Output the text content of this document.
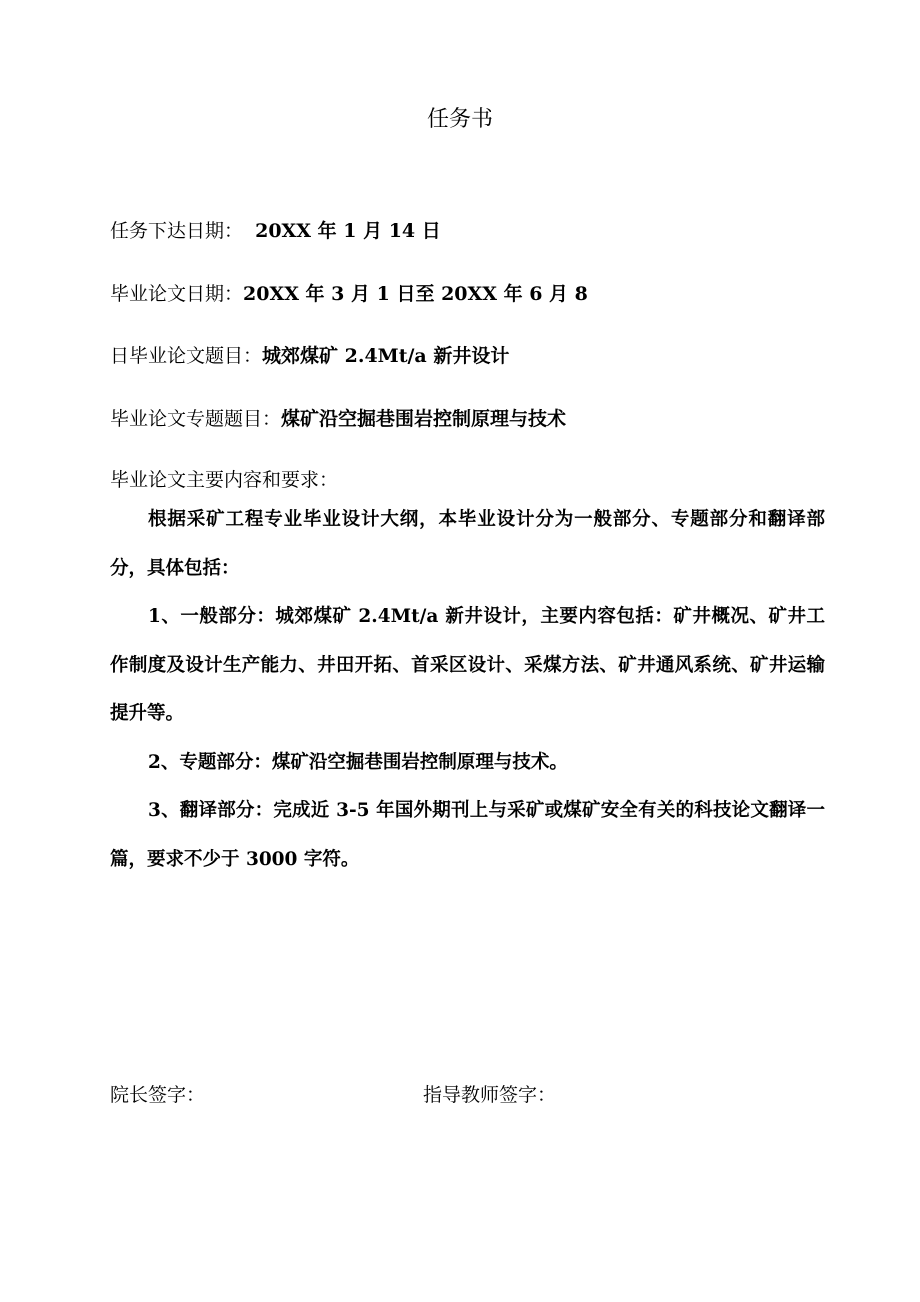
任务书
任务下达日期： 20XX 年 1 月 14 日
毕业论文日期：20XX 年 3 月 1 日至 20XX 年 6 月 8
日毕业论文题目：城郊煤矿 2.4Mt/a 新井设计
毕业论文专题题目：煤矿沿空掘巷围岩控制原理与技术
毕业论文主要内容和要求：
根据采矿工程专业毕业设计大纲，本毕业设计分为一般部分、专题部分和翻译部分，具体包括：
1、一般部分：城郊煤矿 2.4Mt/a 新井设计，主要内容包括：矿井概况、矿井工作制度及设计生产能力、井田开拓、首采区设计、采煤方法、矿井通风系统、矿井运输提升等。
2、专题部分：煤矿沿空掘巷围岩控制原理与技术。
3、翻译部分：完成近 3-5 年国外期刊上与采矿或煤矿安全有关的科技论文翻译一篇，要求不少于 3000 字符。
院长签字：	指导教师签字：
